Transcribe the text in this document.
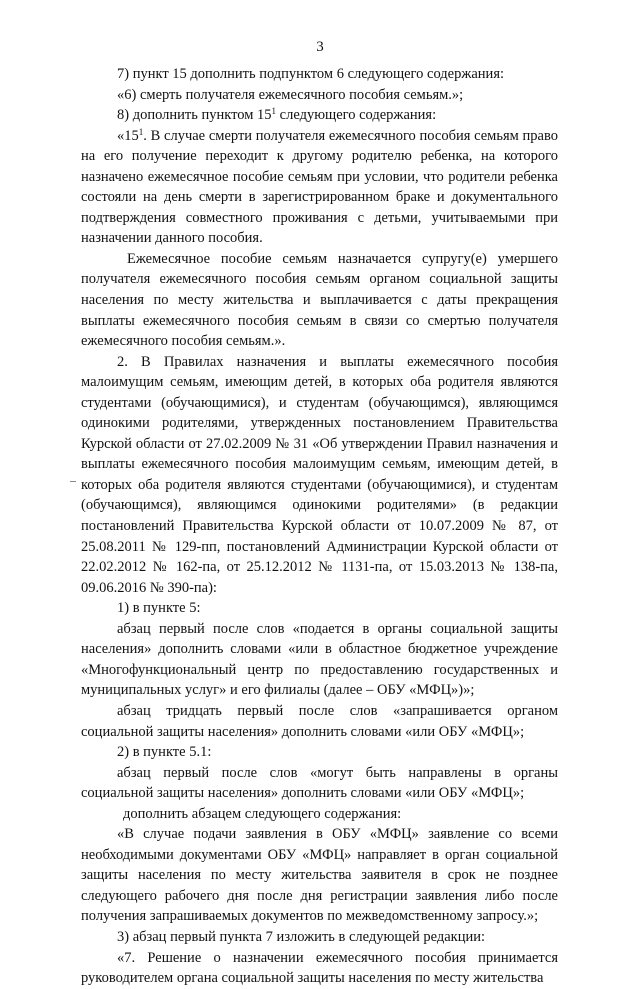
3

7) пункт 15 дополнить подпунктом 6 следующего содержания:

«6) смерть получателя ежемесячного пособия семьям.»;

8) дополнить пунктом $15^1$ следующего содержания:

«$15^1$. В случае смерти получателя ежемесячного пособия семьям право на его получение переходит к другому родителю ребенка, на которого назначено ежемесячное пособие семьям при условии, что родители ребенка состояли на день смерти в зарегистрированном браке и документального подтверждения совместного проживания с детьми, учитываемыми при назначении данного пособия.

Ежемесячное пособие семьям назначается супругу(е) умершего получателя ежемесячного пособия семьям органом социальной защиты населения по месту жительства и выплачивается с даты прекращения выплаты ежемесячного пособия семьям в связи со смертью получателя ежемесячного пособия семьям.».

2. В Правилах назначения и выплаты ежемесячного пособия малоимущим семьям, имеющим детей, в которых оба родителя являются студентами (обучающимися), и студентам (обучающимся), являющимся одинокими родителями, утвержденных постановлением Правительства Курской области от 27.02.2009 № 31 «Об утверждении Правил назначения и выплаты ежемесячного пособия малоимущим семьям, имеющим детей, в которых оба родителя являются студентами (обучающимися), и студентам (обучающимся), являющимся одинокими родителями» (в редакции постановлений Правительства Курской области от 10.07.2009 № 87, от 25.08.2011 № 129-пп, постановлений Администрации Курской области от 22.02.2012 № 162-па, от 25.12.2012 № 1131-па, от 15.03.2013 № 138-па, 09.06.2016 № 390-па):

1) в пункте 5:

абзац первый после слов «подается в органы социальной защиты населения» дополнить словами «или в областное бюджетное учреждение «Многофункциональный центр по предоставлению государственных и муниципальных услуг» и его филиалы (далее – ОБУ «МФЦ»)»;

абзац тридцать первый после слов «запрашивается органом социальной защиты населения» дополнить словами «или ОБУ «МФЦ»;

2) в пункте 5.1:

абзац первый после слов «могут быть направлены в органы социальной защиты населения» дополнить словами «или ОБУ «МФЦ»;

дополнить абзацем следующего содержания:

«В случае подачи заявления в ОБУ «МФЦ» заявление со всеми необходимыми документами ОБУ «МФЦ» направляет в орган социальной защиты населения по месту жительства заявителя в срок не позднее следующего рабочего дня после дня регистрации заявления либо после получения запрашиваемых документов по межведомственному запросу.»;

3) абзац первый пункта 7 изложить в следующей редакции:

«7. Решение о назначении ежемесячного пособия принимается руководителем органа социальной защиты населения по месту жительства
